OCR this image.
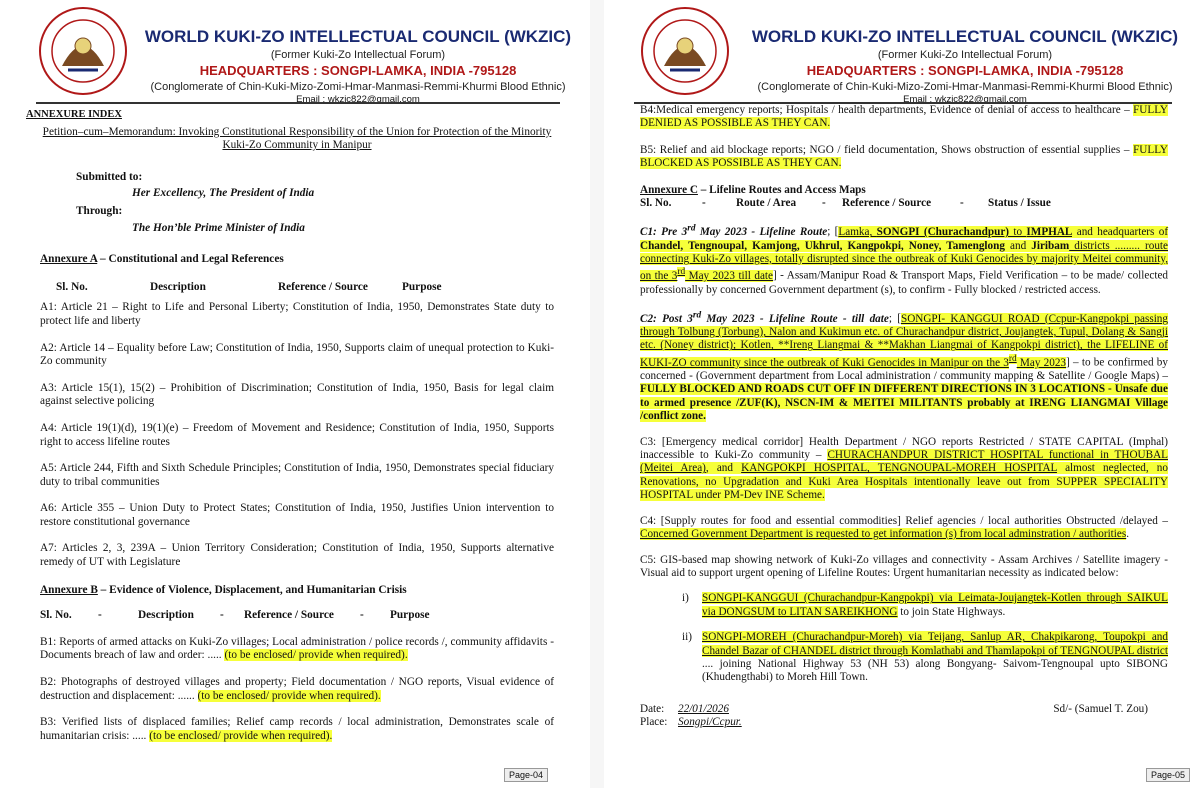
WORLD KUKI-ZO INTELLECTUAL COUNCIL (WKZIC)
(Former Kuki-Zo Intellectual Forum)
HEADQUARTERS : SONGPI-LAMKA, INDIA -795128
(Conglomerate of Chin-Kuki-Mizo-Zomi-Hmar-Manmasi-Remmi-Khurmi Blood Ethnic)
Email : wkzic822@gmail.com

ANNEXURE INDEX

Petition–cum–Memorandum: Invoking Constitutional Responsibility of the Union for Protection of the Minority Kuki-Zo Community in Manipur

Submitted to:

Her Excellency, The President of India

Through:

The Hon’ble Prime Minister of India

Annexure A – Constitutional and Legal References

Sl. No.	Description	Reference / Source	Purpose

A1: Article 21 – Right to Life and Personal Liberty; Constitution of India, 1950, Demonstrates State duty to protect life and liberty

A2: Article 14 – Equality before Law; Constitution of India, 1950, Supports claim of unequal protection to Kuki-Zo community

A3: Article 15(1), 15(2) – Prohibition of Discrimination; Constitution of India, 1950, Basis for legal claim against selective policing

A4: Article 19(1)(d), 19(1)(e) – Freedom of Movement and Residence; Constitution of India, 1950, Supports right to access lifeline routes

A5: Article 244, Fifth and Sixth Schedule Principles; Constitution of India, 1950, Demonstrates special fiduciary duty to tribal communities

A6: Article 355 – Union Duty to Protect States; Constitution of India, 1950, Justifies Union intervention to restore constitutional governance

A7: Articles 2, 3, 239A – Union Territory Consideration; Constitution of India, 1950, Supports alternative remedy of UT with Legislature

Annexure B – Evidence of Violence, Displacement, and Humanitarian Crisis

Sl. No.	-	Description	-	Reference / Source	-	Purpose

B1: Reports of armed attacks on Kuki-Zo villages; Local administration / police records /, community affidavits - Documents breach of law and order: ..... (to be enclosed/ provide when required).

B2: Photographs of destroyed villages and property; Field documentation / NGO reports, Visual evidence of destruction and displacement: ...... (to be enclosed/ provide when required).

B3: Verified lists of displaced families; Relief camp records / local administration, Demonstrates scale of humanitarian crisis: ..... (to be enclosed/ provide when required).

Page-04
WORLD KUKI-ZO INTELLECTUAL COUNCIL (WKZIC)
(Former Kuki-Zo Intellectual Forum)
HEADQUARTERS : SONGPI-LAMKA, INDIA -795128
(Conglomerate of Chin-Kuki-Mizo-Zomi-Hmar-Manmasi-Remmi-Khurmi Blood Ethnic)
Email : wkzic822@gmail.com

B4:Medical emergency reports; Hospitals / health departments, Evidence of denial of access to healthcare – FULLY DENIED AS POSSIBLE AS THEY CAN.

B5: Relief and aid blockage reports; NGO / field documentation, Shows obstruction of essential supplies – FULLY BLOCKED AS POSSIBLE AS THEY CAN.

Annexure C – Lifeline Routes and Access Maps

Sl. No.	-	Route / Area	-	Reference / Source	-	Status / Issue

C1: Pre 3rd May 2023 - Lifeline Route; [Lamka, SONGPI (Churachandpur) to IMPHAL and headquarters of Chandel, Tengnoupal, Kamjong, Ukhrul, Kangpokpi, Noney, Tamenglong and Jiribam districts ......... route connecting Kuki-Zo villages, totally disrupted since the outbreak of Kuki Genocides by majority Meitei community, on the 3rd May 2023 till date] - Assam/Manipur Road & Transport Maps, Field Verification – to be made/ collected professionally by concerned Government department (s), to confirm - Fully blocked / restricted access.

C2: Post 3rd May 2023 - Lifeline Route - till date; [SONGPI- KANGGUI ROAD (Ccpur-Kangpokpi passing through Tolbung (Torbung), Nalon and Kukimun etc. of Churachandpur district, Joujangtek, Tupul, Dolang & Sangji etc. (Noney district); Kotlen, **Ireng Liangmai & **Makhan Liangmai of Kangpokpi district), the LIFELINE of KUKI-ZO community since the outbreak of Kuki Genocides in Manipur on the 3rd May 2023] – to be confirmed by concerned - (Government department from Local administration / community mapping & Satellite / Google Maps) – FULLY BLOCKED AND ROADS CUT OFF IN DIFFERENT DIRECTIONS IN 3 LOCATIONS - Unsafe due to armed presence /ZUF(K), NSCN-IM & MEITEI MILITANTS probably at IRENG LIANGMAI Village /conflict zone.

C3: [Emergency medical corridor] Health Department / NGO reports Restricted / STATE CAPITAL (Imphal) inaccessible to Kuki-Zo community – CHURACHANDPUR DISTRICT HOSPITAL functional in THOUBAL (Meitei Area), and KANGPOKPI HOSPITAL, TENGNOUPAL-MOREH HOSPITAL almost neglected, no Renovations, no Upgradation and Kuki Area Hospitals intentionally leave out from SUPPER SPECIALITY HOSPITAL under PM-Dev INE Scheme.

C4: [Supply routes for food and essential commodities] Relief agencies / local authorities Obstructed /delayed – Concerned Government Department is requested to get information (s) from local adminstration / authorities.

C5: GIS-based map showing network of Kuki-Zo villages and connectivity - Assam Archives / Satellite imagery - Visual aid to support urgent opening of Lifeline Routes: Urgent humanitarian necessity as indicated below:

i)	SONGPI-KANGGUI (Churachandpur-Kangpokpi) via Leimata-Joujangtek-Kotlen through SAIKUL via DONGSUM to LITAN SAREIKHONG to join State Highways.
ii) SONGPI-MOREH (Churachandpur-Moreh) via Teijang, Sanlup AR, Chakpikarong, Toupokpi and Chandel Bazar of CHANDEL district through Komlathabi and Thamlapokpi of TENGNOUPAL district .... joining National Highway 53 (NH 53) along Bongyang- Saivom-Tengnoupal upto SIBONG (Khudengthabi) to Moreh Hill Town.
Date:	22/01/2026	Sd/- (Samuel T. Zou)
Place: Songpi/Ccpur.
Page-05
